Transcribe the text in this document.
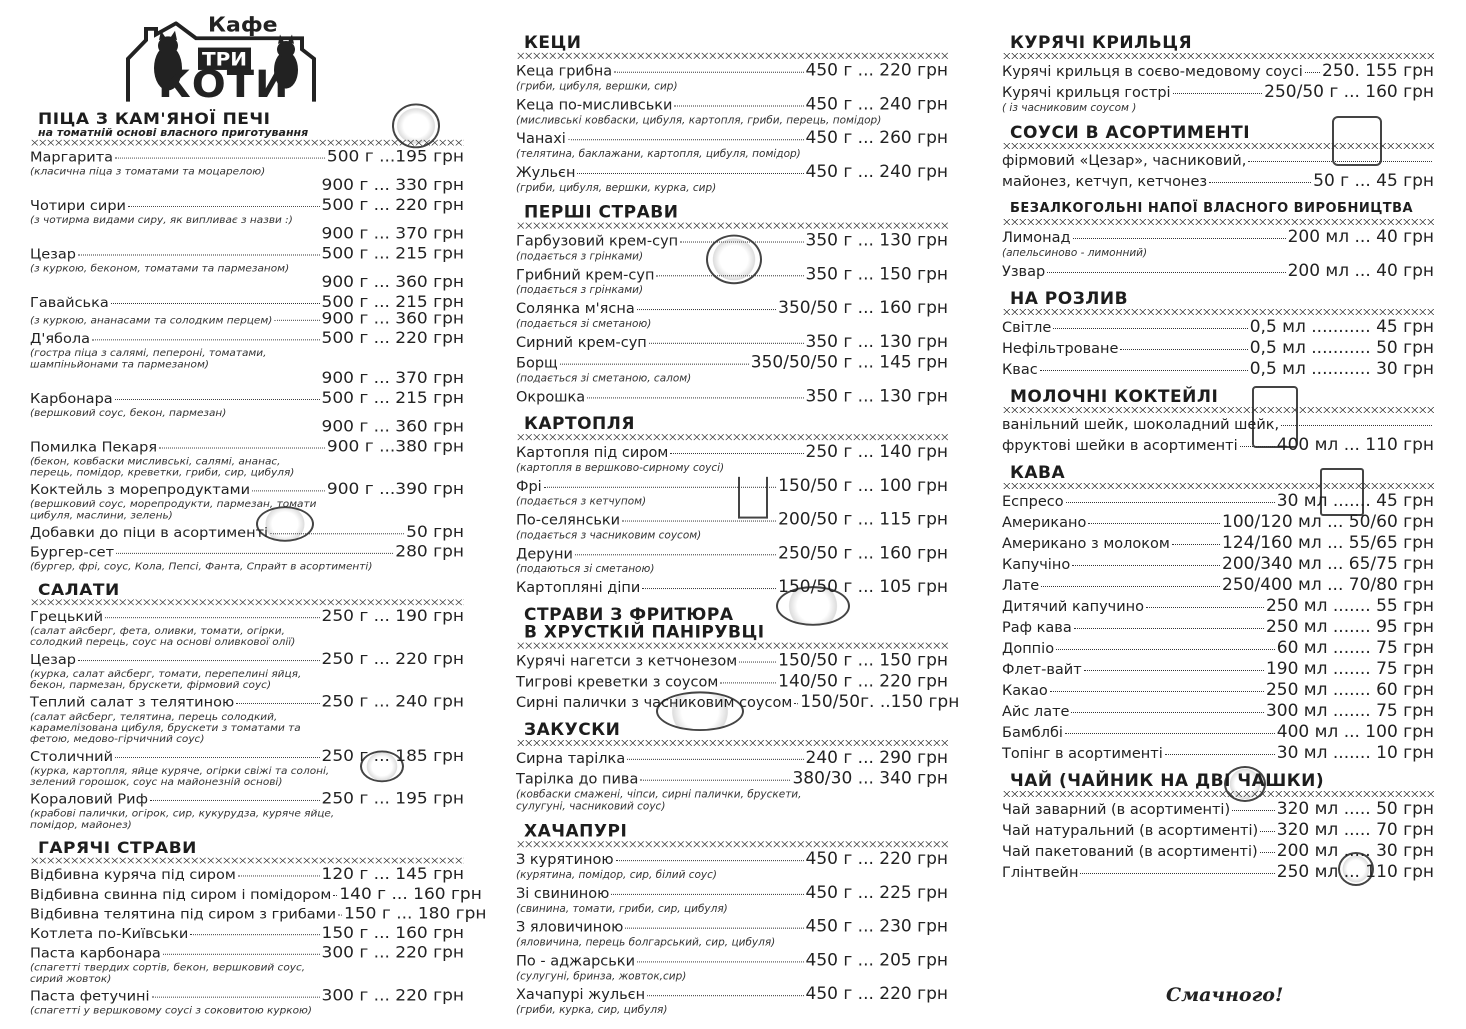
Кафе
ТРИ
КОТИ
ПІЦА З КАМ'ЯНОЇ ПЕЧІ
на томатній основі власного приготування
Маргарита	500 г ...195 грн
(класична піца з томатами та моцарелою)
900 г ... 330 грн
Чотири сири	500 г ... 220 грн
(з чотирма видами сиру, як випливає з назви :)
900 г ... 370 грн
Цезар	500 г ... 215 грн
(з куркою, беконом, томатами та пармезаном)
900 г ... 360 грн
Гавайська	500 г ... 215 грн
(з куркою, ананасами та солодким перцем)	900 г ... 360 грн
Д'ябола	500 г ... 220 грн
(гостра піца з салямі, пепероні, томатами,
шампіньйонами та пармезаном)
900 г ... 370 грн
Карбонара	500 г ... 215 грн
(вершковий соус, бекон, пармезан)
900 г ... 360 грн
Помилка Пекаря	900 г ...380 грн
(бекон, ковбаски мисливські, салямі, ананас,
перець, помідор, креветки, гриби, сир, цибуля)
Коктейль з морепродуктами	900 г ...390 грн
(вершковий соус, морепродукти, пармезан, томати
цибуля, маслини, зелень)
Добавки до піци в асортименті	50 грн
Бургер-сет	280 грн
(бургер, фрі, соус, Кола, Пепсі, Фанта, Спрайт в асортименті)
САЛАТИ
Грецький	250 г ... 190 грн
(салат айсберг, фета, оливки, томати, огірки,
солодкий перець, соус на основі оливкової олії)
Цезар	250 г ... 220 грн
(курка, салат айсберг, томати, перепелині яйця,
бекон, пармезан, брускети, фірмовий соус)
Теплий салат з телятиною	250 г ... 240 грн
(салат айсберг, телятина, перець солодкий,
карамелізована цибуля, брускети з томатами та
фетою, медово-гірчичний соус)
Столичний	250 г ... 185 грн
(курка, картопля, яйце куряче, огірки свіжі та солоні,
зелений горошок, соус на майонезній основі)
Кораловий Риф	250 г ... 195 грн
(крабові палички, огірок, сир, кукурудза, куряче яйце,
помідор, майонез)
ГАРЯЧІ СТРАВИ
Відбивна куряча під сиром	120 г ... 145 грн
Відбивна свинна під сиром і помідором 140 г ... 160 грн
Відбивна телятина під сиром з грибами 150 г ... 180 грн
Котлета по-Київськи	150 г ... 160 грн
Паста карбонара	300 г ... 220 грн
(спагетті твердих сортів, бекон, вершковий соус,
сирий жовток)
Паста фетучині	300 г ... 220 грн
(спагетті у вершковому соусі з соковитою куркою)
КЕЦИ
Кеца грибна	450 г ... 220 грн
(гриби, цибуля, вершки, сир)
Кеца по-мисливськи	450 г ... 240 грн
(мисливські ковбаски, цибуля, картопля, гриби, перець, помідор)
Чанахі	450 г ... 260 грн
(телятина, баклажани, картопля, цибуля, помідор)
Жульєн	450 г ... 240 грн
(гриби, цибуля, вершки, курка, сир)
ПЕРШІ СТРАВИ
Гарбузовий крем-суп	350 г ... 130 грн
(подається з грінками)
Грибний крем-суп	350 г ... 150 грн
(подається з грінками)
Солянка м'ясна	350/50 г ... 160 грн
(подається зі сметаною)
Сирний крем-суп	350 г ... 130 грн
Борщ	350/50/50 г ... 145 грн
(подається зі сметаною, салом)
Окрошка	350 г ... 130 грн
КАРТОПЛЯ
Картопля під сиром	250 г ... 140 грн
(картопля в вершково-сирному соусі)
Фрі	150/50 г ... 100 грн
(подається з кетчупом)
По-селянськи	200/50 г ... 115 грн
(подається з часниковим соусом)
Деруни	250/50 г ... 160 грн
(подаються зі сметаною)
Картопляні діпи	150/50 г ... 105 грн
СТРАВИ З ФРИТЮРА
В ХРУСТКІЙ ПАНІРУВЦІ
Курячі нагетси з кетчонезом 150/50 г ... 150 грн
Тигрові креветки з соусом	140/50 г ... 220 грн
Сирні палички з часниковим соусом 150/50г. ..150 грн
ЗАКУСКИ
Сирна тарілка	240 г ... 290 грн
Тарілка до пива	380/30 ... 340 грн
(ковбаски смажені, чіпси, сирні палички, брускети,
сулугуні, часниковий соус)
ХАЧАПУРІ
З курятиною	450 г ... 220 грн
(курятина, помідор, сир, білий соус)
Зі свининою	450 г ... 225 грн
(свинина, томати, гриби, сир, цибуля)
З яловичиною	450 г ... 230 грн
(яловичина, перець болгарський, сир, цибуля)
По - аджарськи	450 г ... 205 грн
(сулугуні, бринза, жовток,сир)
Хачапурі жульєн	450 г ... 220 грн
(гриби, курка, сир, цибуля)
КУРЯЧІ КРИЛЬЦЯ
Курячі крильця в соєво-медовому соусі 250. 155 грн
Курячі крильця гострі	250/50 г ... 160 грн
( із часниковим соусом )
СОУСИ В АСОРТИМЕНТІ
фірмовий «Цезар», часниковий,
майонез, кетчуп, кетчонез	50 г ... 45 грн
БЕЗАЛКОГОЛЬНІ НАПОЇ ВЛАСНОГО ВИРОБНИЦТВА
Лимонад	200 мл ... 40 грн
(апельсиново - лимонний)
Узвар	200 мл ... 40 грн
НА РОЗЛИВ
Світле	0,5 мл ........... 45 грн
Нефільтроване	0,5 мл ........... 50 грн
Квас	0,5 мл ........... 30 грн
МОЛОЧНІ КОКТЕЙЛІ
ванільний шейк, шоколадний шейк,
фруктові шейки в асортименті 400 мл ... 110 грн
КАВА
Еспресо	30 мл ....... 45 грн
Американо	100/120 мл ... 50/60 грн
Американо з молоком	124/160 мл ... 55/65 грн
Капучіно	200/340 мл ... 65/75 грн
Лате	250/400 мл ... 70/80 грн
Дитячий капучино	250 мл ....... 55 грн
Раф кава	250 мл ....... 95 грн
Доппіо	60 мл ....... 75 грн
Флет-вайт	190 мл ....... 75 грн
Какао	250 мл ....... 60 грн
Айс лате	300 мл ....... 75 грн
Бамблбі	400 мл ... 100 грн
Топінг в асортименті	30 мл ....... 10 грн
ЧАЙ (ЧАЙНИК НА ДВІ ЧАШКИ)
Чай заварний (в асортименті)	320 мл ..... 50 грн
Чай натуральний (в асортименті) 320 мл ..... 70 грн
Чай пакетований (в асортименті) 200 мл ..... 30 грн
Глінтвейн	250 мл ... 110 грн
Смачного!
